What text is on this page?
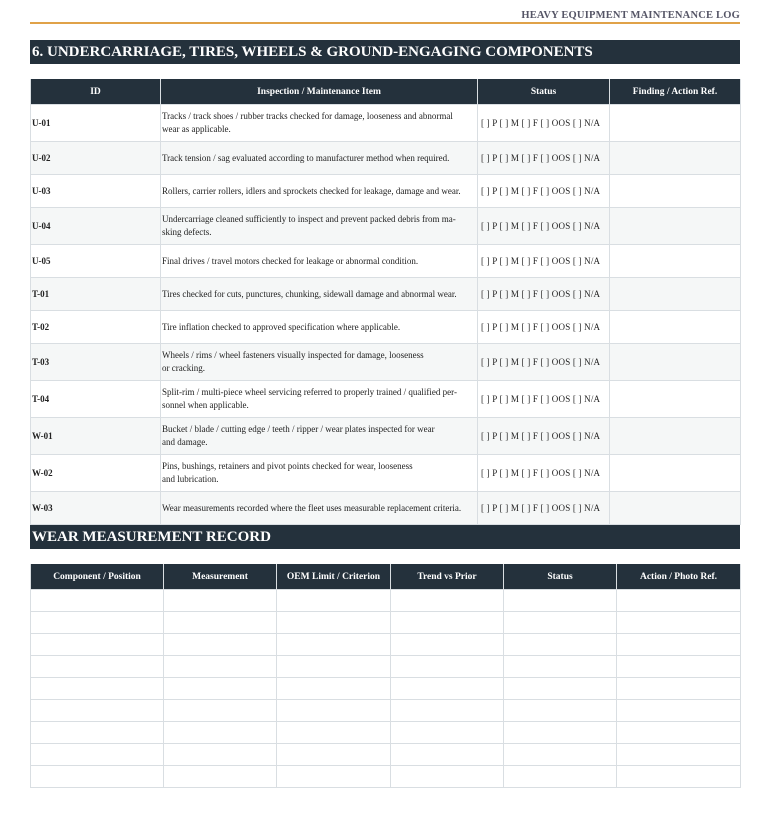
HEAVY EQUIPMENT MAINTENANCE LOG
6. UNDERCARRIAGE, TIRES, WHEELS & GROUND-ENGAGING COMPONENTS
ID	Inspection / Maintenance Item	Status	Finding / Action Ref.
U-01	Tracks / track shoes / rubber tracks checked for damage, looseness and abnormal
wear as applicable.	[ ] P [ ] M [ ] F [ ] OOS [ ] N/A	
U-02	Track tension / sag evaluated according to manufacturer method when required.	[ ] P [ ] M [ ] F [ ] OOS [ ] N/A	
U-03	Rollers, carrier rollers, idlers and sprockets checked for leakage, damage and wear.	[ ] P [ ] M [ ] F [ ] OOS [ ] N/A	
U-04	Undercarriage cleaned sufficiently to inspect and prevent packed debris from ma-
sking defects.	[ ] P [ ] M [ ] F [ ] OOS [ ] N/A	
U-05	Final drives / travel motors checked for leakage or abnormal condition.	[ ] P [ ] M [ ] F [ ] OOS [ ] N/A	
T-01	Tires checked for cuts, punctures, chunking, sidewall damage and abnormal wear.	[ ] P [ ] M [ ] F [ ] OOS [ ] N/A	
T-02	Tire inflation checked to approved specification where applicable.	[ ] P [ ] M [ ] F [ ] OOS [ ] N/A	
T-03	Wheels / rims / wheel fasteners visually inspected for damage, looseness
or cracking.	[ ] P [ ] M [ ] F [ ] OOS [ ] N/A	
T-04	Split-rim / multi-piece wheel servicing referred to properly trained / qualified per-
sonnel when applicable.	[ ] P [ ] M [ ] F [ ] OOS [ ] N/A	
W-01	Bucket / blade / cutting edge / teeth / ripper / wear plates inspected for wear
and damage.	[ ] P [ ] M [ ] F [ ] OOS [ ] N/A	
W-02	Pins, bushings, retainers and pivot points checked for wear, looseness
and lubrication.	[ ] P [ ] M [ ] F [ ] OOS [ ] N/A	
W-03	Wear measurements recorded where the fleet uses measurable replacement criteria.	[ ] P [ ] M [ ] F [ ] OOS [ ] N/A	
WEAR MEASUREMENT RECORD
Component / Position	Measurement	OEM Limit / Criterion	Trend vs Prior	Status	Action / Photo Ref.
